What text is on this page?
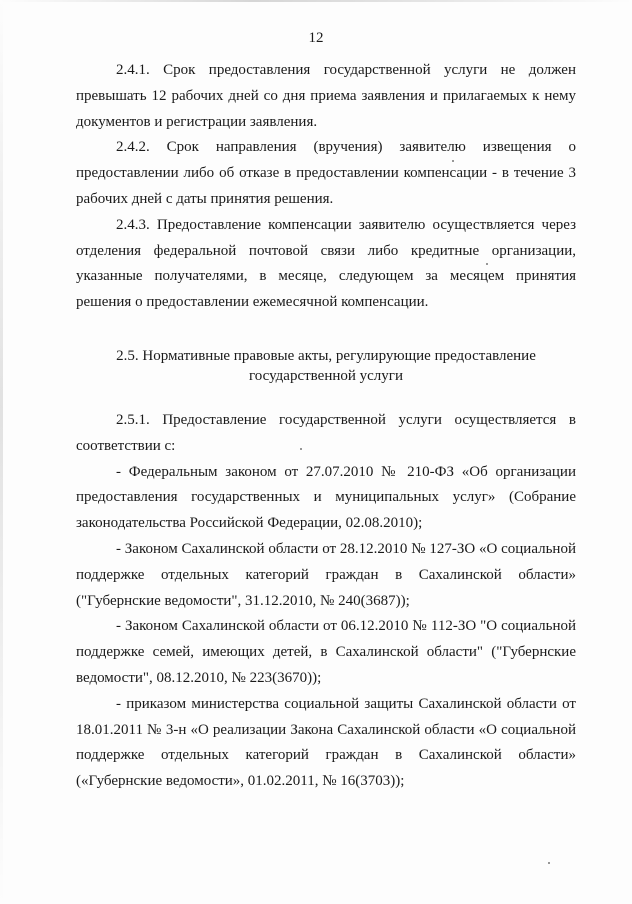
12

2.4.1. Срок предоставления государственной услуги не должен превышать 12 рабочих дней со дня приема заявления и прилагаемых к нему документов и регистрации заявления.

2.4.2. Срок направления (вручения) заявителю извещения о предоставлении либо об отказе в предоставлении компенсации - в течение 3 рабочих дней с даты принятия решения.

2.4.3. Предоставление компенсации заявителю осуществляется через отделения федеральной почтовой связи либо кредитные организации, указанные получателями, в месяце, следующем за месяцем принятия решения о предоставлении ежемесячной компенсации.

2.5. Нормативные правовые акты, регулирующие предоставление

государственной услуги

2.5.1. Предоставление государственной услуги осуществляется в соответствии с:

- Федеральным законом от 27.07.2010 № 210-ФЗ «Об организации предоставления государственных и муниципальных услуг» (Собрание законодательства Российской Федерации, 02.08.2010);

- Законом Сахалинской области от 28.12.2010 № 127-ЗО «О социальной поддержке отдельных категорий граждан в Сахалинской области» ("Губернские ведомости", 31.12.2010, № 240(3687));

- Законом Сахалинской области от 06.12.2010 № 112-ЗО "О социальной поддержке семей, имеющих детей, в Сахалинской области" ("Губернские ведомости", 08.12.2010, № 223(3670));

- приказом министерства социальной защиты Сахалинской области от 18.01.2011 № 3-н «О реализации Закона Сахалинской области «О социальной поддержке отдельных категорий граждан в Сахалинской области» («Губернские ведомости», 01.02.2011, № 16(3703));
